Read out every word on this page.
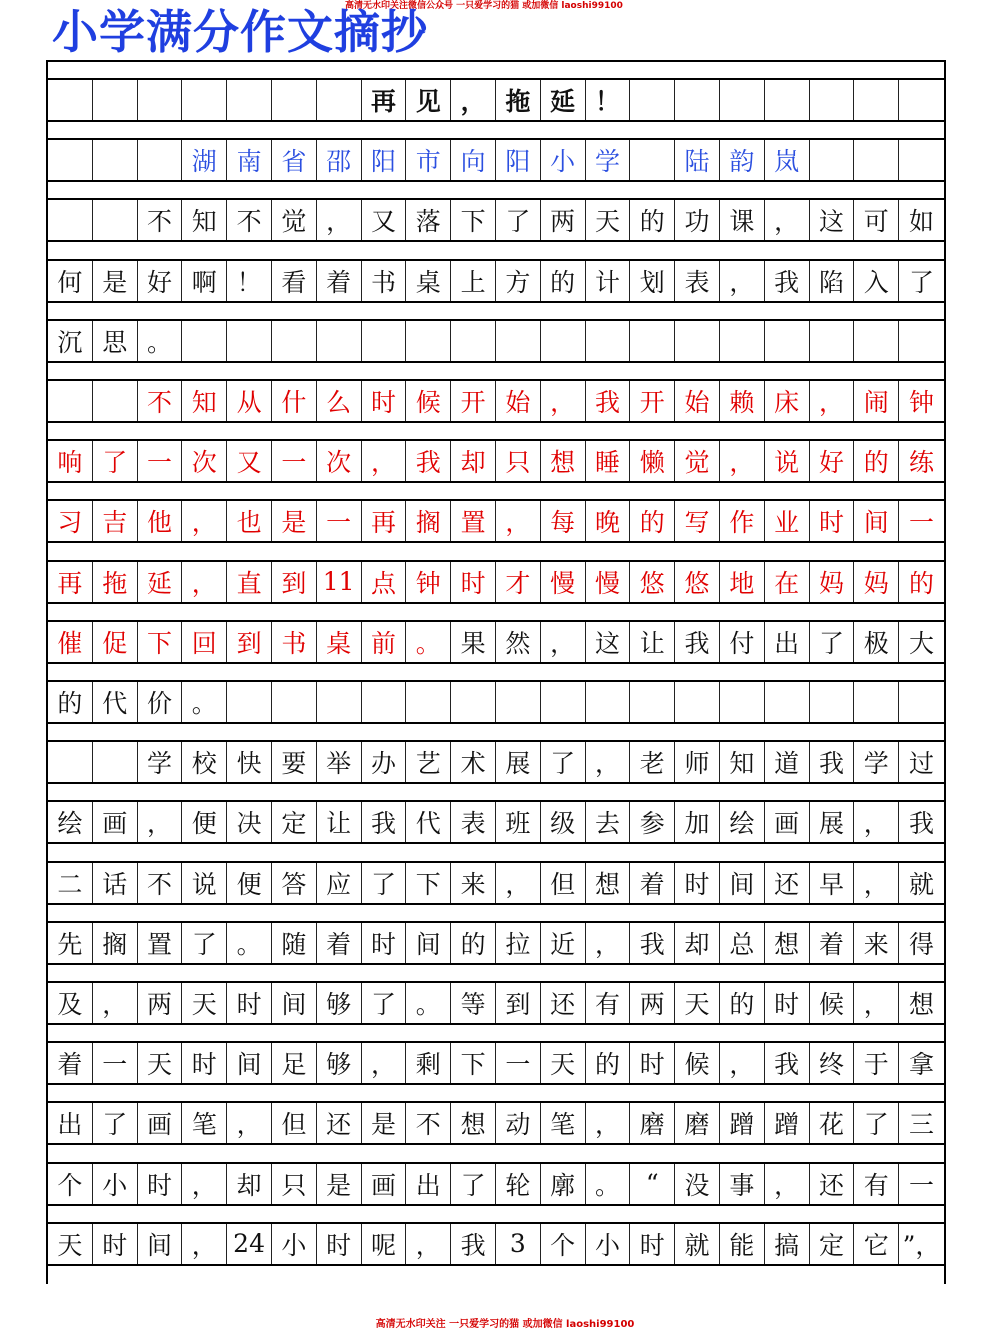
高清无水印关注微信公众号 一只爱学习的猫 或加微信 laoshi99100
小学满分作文摘抄
再 见 ， 拖 延 ！
湖 南 省 邵 阳 市 向 阳 小 学	陆 韵 岚
不 知 不 觉 ， 又 落 下 了 两 天 的 功 课 ， 这 可 如
何 是 好 啊 ！ 看 着 书 桌 上 方 的 计 划 表 ， 我 陷 入 了
沉 思 。
不 知 从 什 么 时 候 开 始 ， 我 开 始 赖 床 ， 闹 钟
响 了 一 次 又 一 次 ， 我 却 只 想 睡 懒 觉 ， 说 好 的 练
习 吉 他 ， 也 是 一 再 搁 置 ， 每 晚 的 写 作 业 时 间 一
再 拖 延 ， 直 到 11 点 钟 时 才 慢 慢 悠 悠 地 在 妈 妈 的
催 促 下 回 到 书 桌 前 。 果 然 ， 这 让 我 付 出 了 极 大
的 代 价 。
学 校 快 要 举 办 艺 术 展 了 ， 老 师 知 道 我 学 过
绘 画 ， 便 决 定 让 我 代 表 班 级 去 参 加 绘 画 展 ， 我
二 话 不 说 便 答 应 了 下 来 ， 但 想 着 时 间 还 早 ， 就
先 搁 置 了 。 随 着 时 间 的 拉 近 ， 我 却 总 想 着 来 得
及 ， 两 天 时 间 够 了 。 等 到 还 有 两 天 的 时 候 ， 想
着 一 天 时 间 足 够 ， 剩 下 一 天 的 时 候 ， 我 终 于 拿
出 了 画 笔 ， 但 还 是 不 想 动 笔 ， 磨 磨 蹭 蹭 花 了 三
个 小 时 ， 却 只 是 画 出 了 轮 廓 。	“	没 事 ， 还 有 一
天 时 间 ， 24 小 时 呢 ， 我 3 个 小 时 就 能 搞 定 它 ”，
高清无水印关注 一只爱学习的猫 或加微信 laoshi99100
